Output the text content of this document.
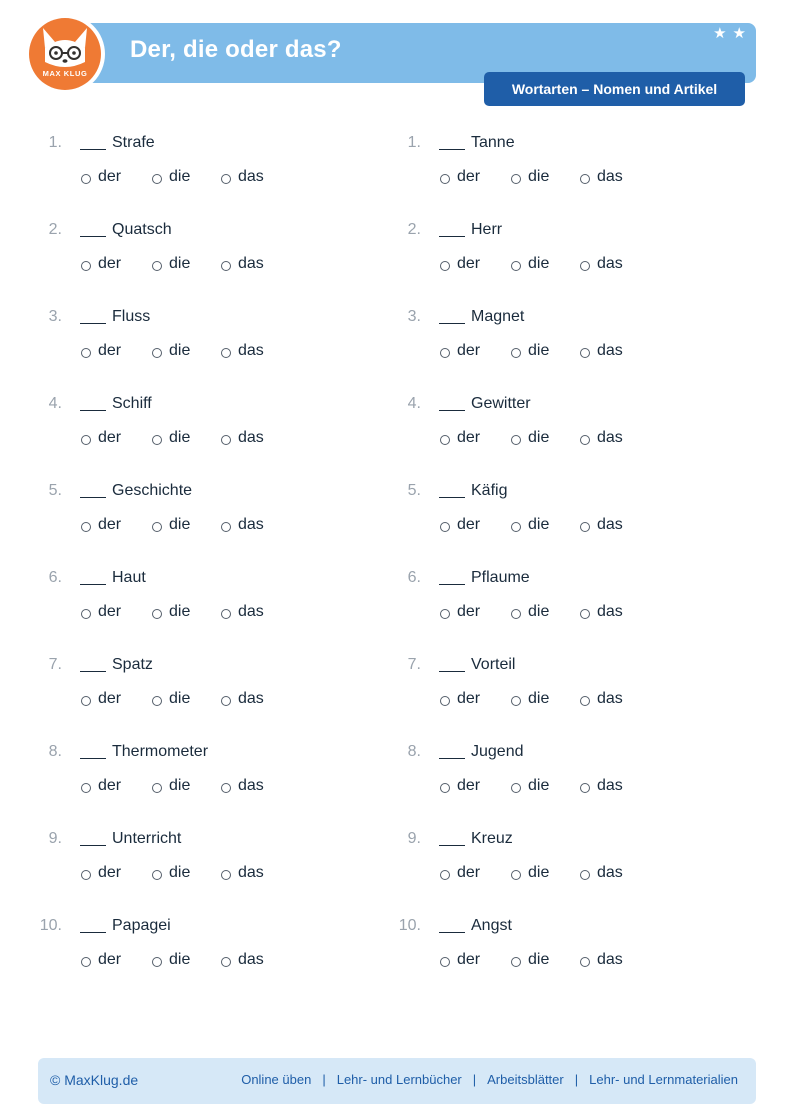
Der, die oder das?
★ ★
MAX KLUG
Wortarten – Nomen und Artikel
1.	Strafe
der	die	das
2.	Quatsch
der	die	das
3.	Fluss
der	die	das
4.	Schiff
der	die	das
5.	Geschichte
der	die	das
6.	Haut
der	die	das
7.	Spatz
der	die	das
8.	Thermometer
der	die	das
9.	Unterricht
der	die	das
10.	Papagei
der	die	das
1.	Tanne
der	die	das
2.	Herr
der	die	das
3.	Magnet
der	die	das
4.	Gewitter
der	die	das
5.	Käfig
der	die	das
6.	Pflaume
der	die	das
7.	Vorteil
der	die	das
8.	Jugend
der	die	das
9.	Kreuz
der	die	das
10.	Angst
der	die	das
© MaxKlug.de	Online üben | Lehr- und Lernbücher | Arbeitsblätter | Lehr- und Lernmaterialien
